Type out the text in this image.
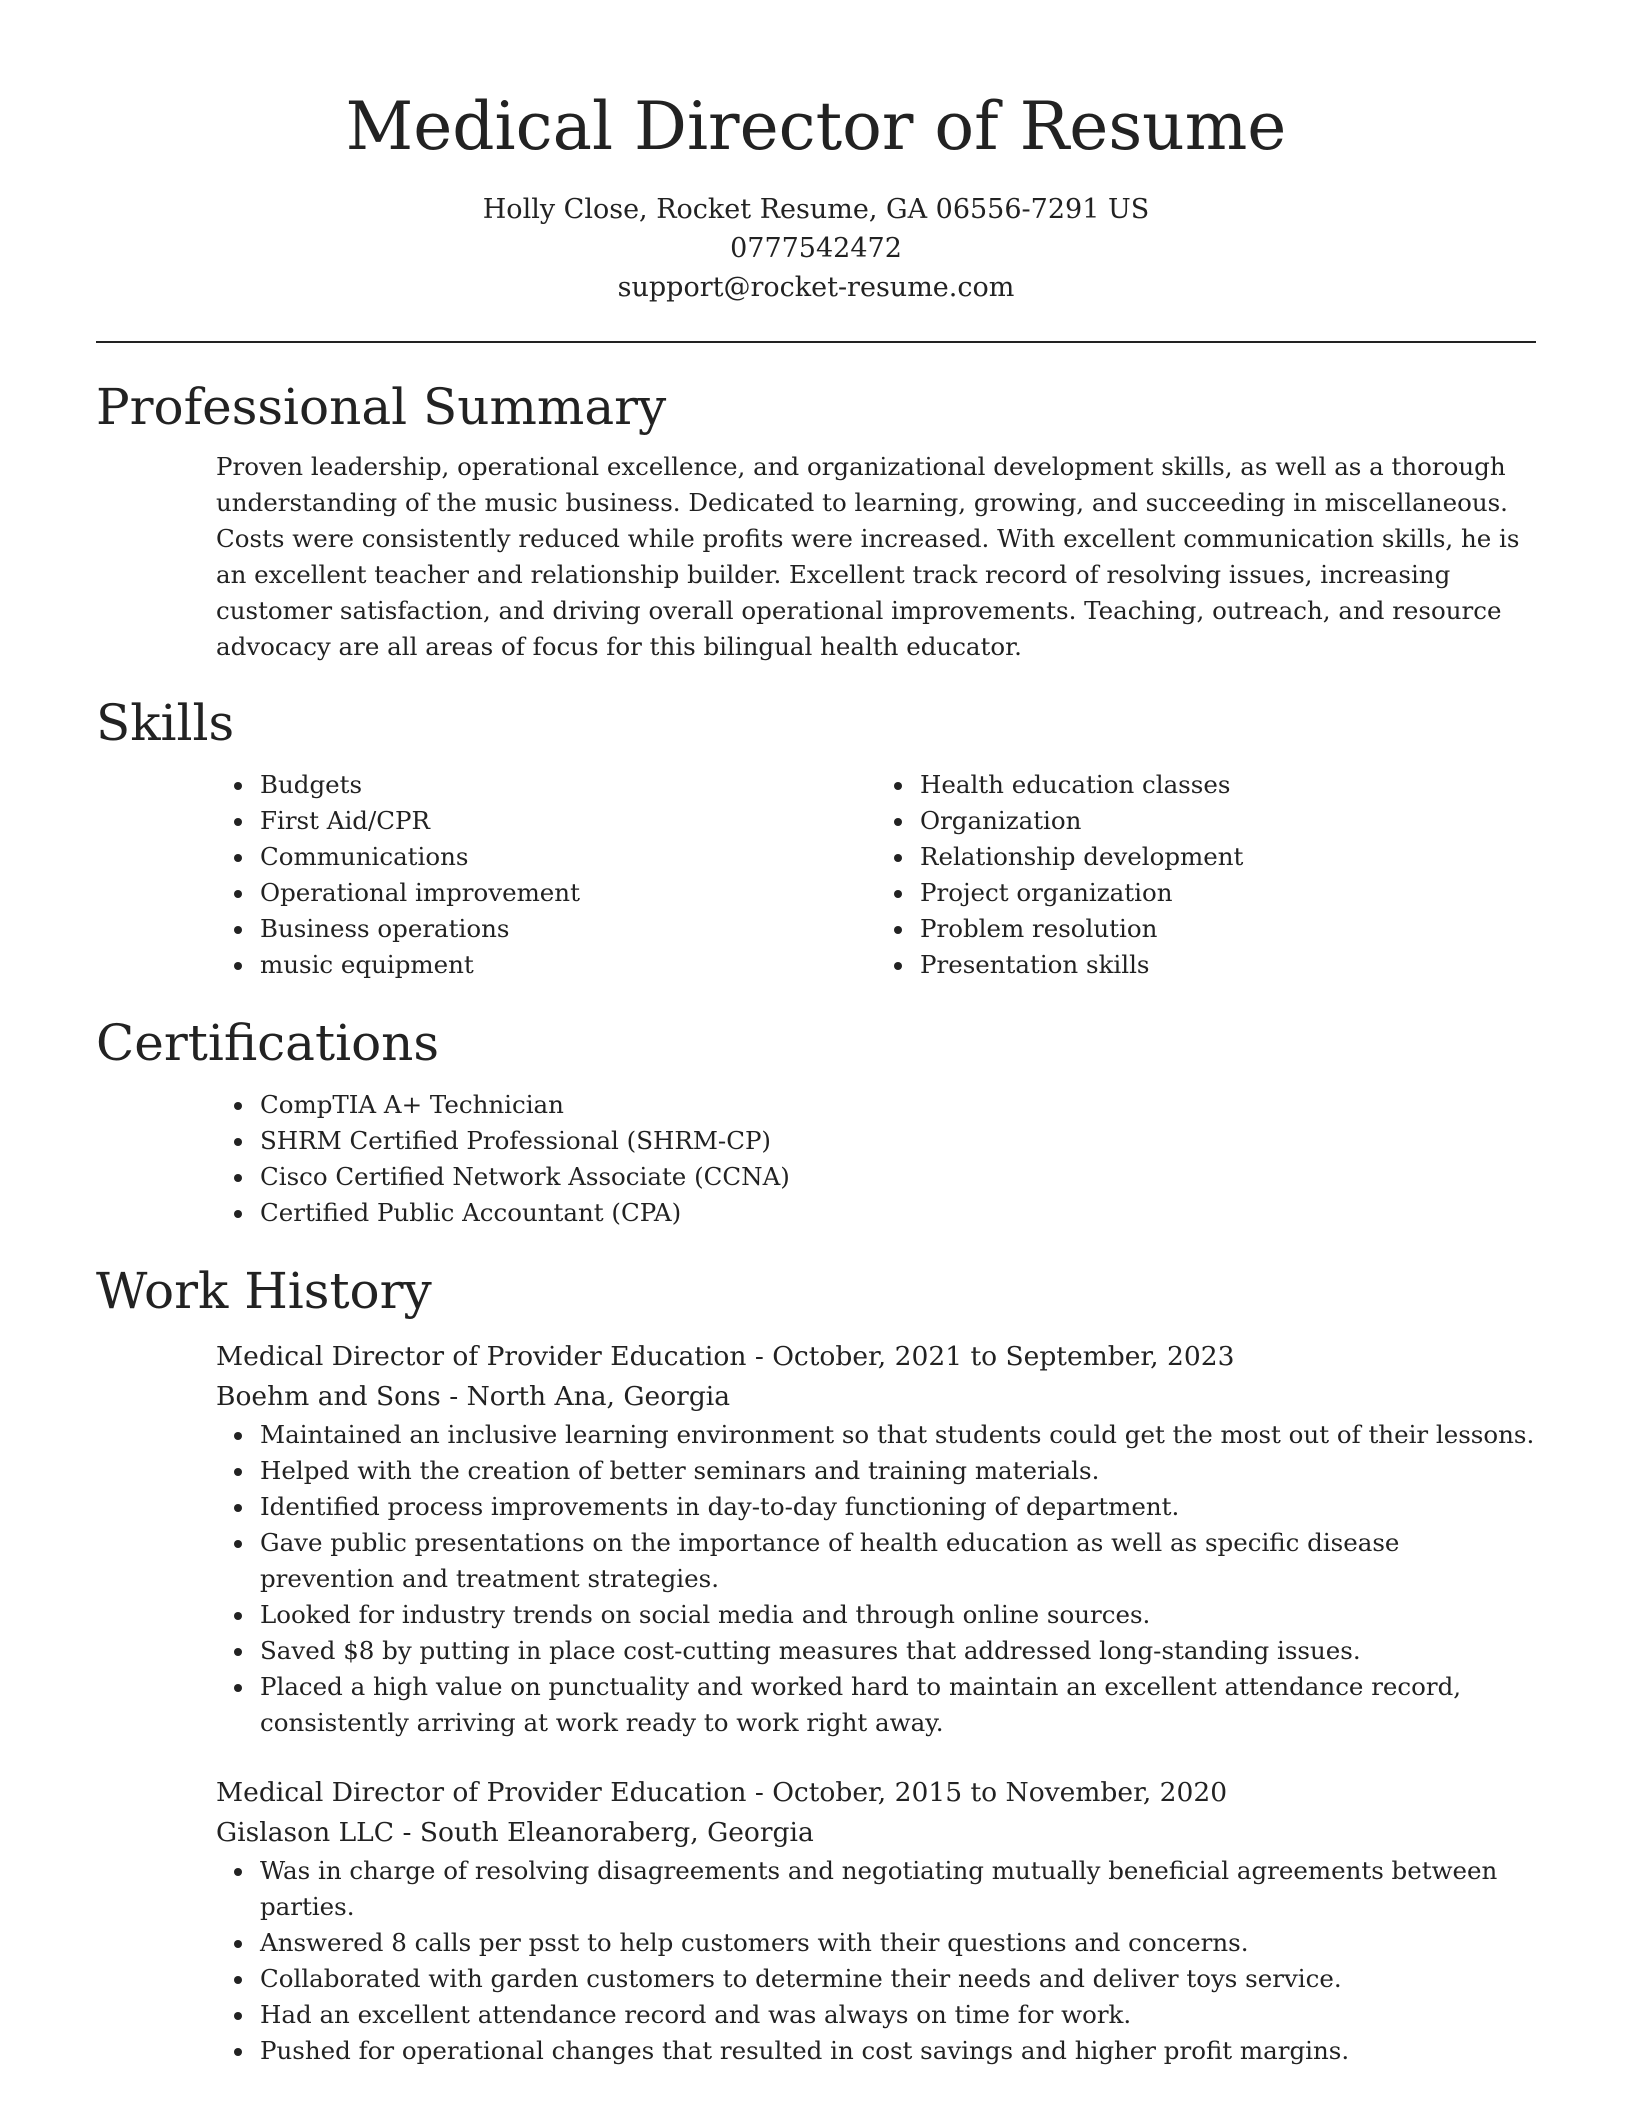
Medical Director of Resume
Holly Close, Rocket Resume, GA 06556-7291 US
0777542472
support@rocket-resume.com
Professional Summary

Proven leadership, operational excellence, and organizational development skills, as well as a thorough understanding of the music business. Dedicated to learning, growing, and succeeding in miscellaneous. Costs were consistently reduced while profits were increased. With excellent communication skills, he is an excellent teacher and relationship builder. Excellent track record of resolving issues, increasing customer satisfaction, and driving overall operational improvements. Teaching, outreach, and resource advocacy are all areas of focus for this bilingual health educator.

Skills
Budgets
First Aid/CPR
Communications
Operational improvement
Business operations
music equipment
Health education classes
Organization
Relationship development
Project organization
Problem resolution
Presentation skills
Certifications
CompTIA A+ Technician
SHRM Certified Professional (SHRM-CP)
Cisco Certified Network Associate (CCNA)
Certified Public Accountant (CPA)
Work History
Medical Director of Provider Education - October, 2021 to September, 2023
Boehm and Sons - North Ana, Georgia
Maintained an inclusive learning environment so that students could get the most out of their lessons.
Helped with the creation of better seminars and training materials.
Identified process improvements in day-to-day functioning of department.
Gave public presentations on the importance of health education as well as specific disease prevention and treatment strategies.
Looked for industry trends on social media and through online sources.
Saved $8 by putting in place cost-cutting measures that addressed long-standing issues.
Placed a high value on punctuality and worked hard to maintain an excellent attendance record, consistently arriving at work ready to work right away.
Medical Director of Provider Education - October, 2015 to November, 2020
Gislason LLC - South Eleanoraberg, Georgia
Was in charge of resolving disagreements and negotiating mutually beneficial agreements between parties.
Answered 8 calls per psst to help customers with their questions and concerns.
Collaborated with garden customers to determine their needs and deliver toys service.
Had an excellent attendance record and was always on time for work.
Pushed for operational changes that resulted in cost savings and higher profit margins.
